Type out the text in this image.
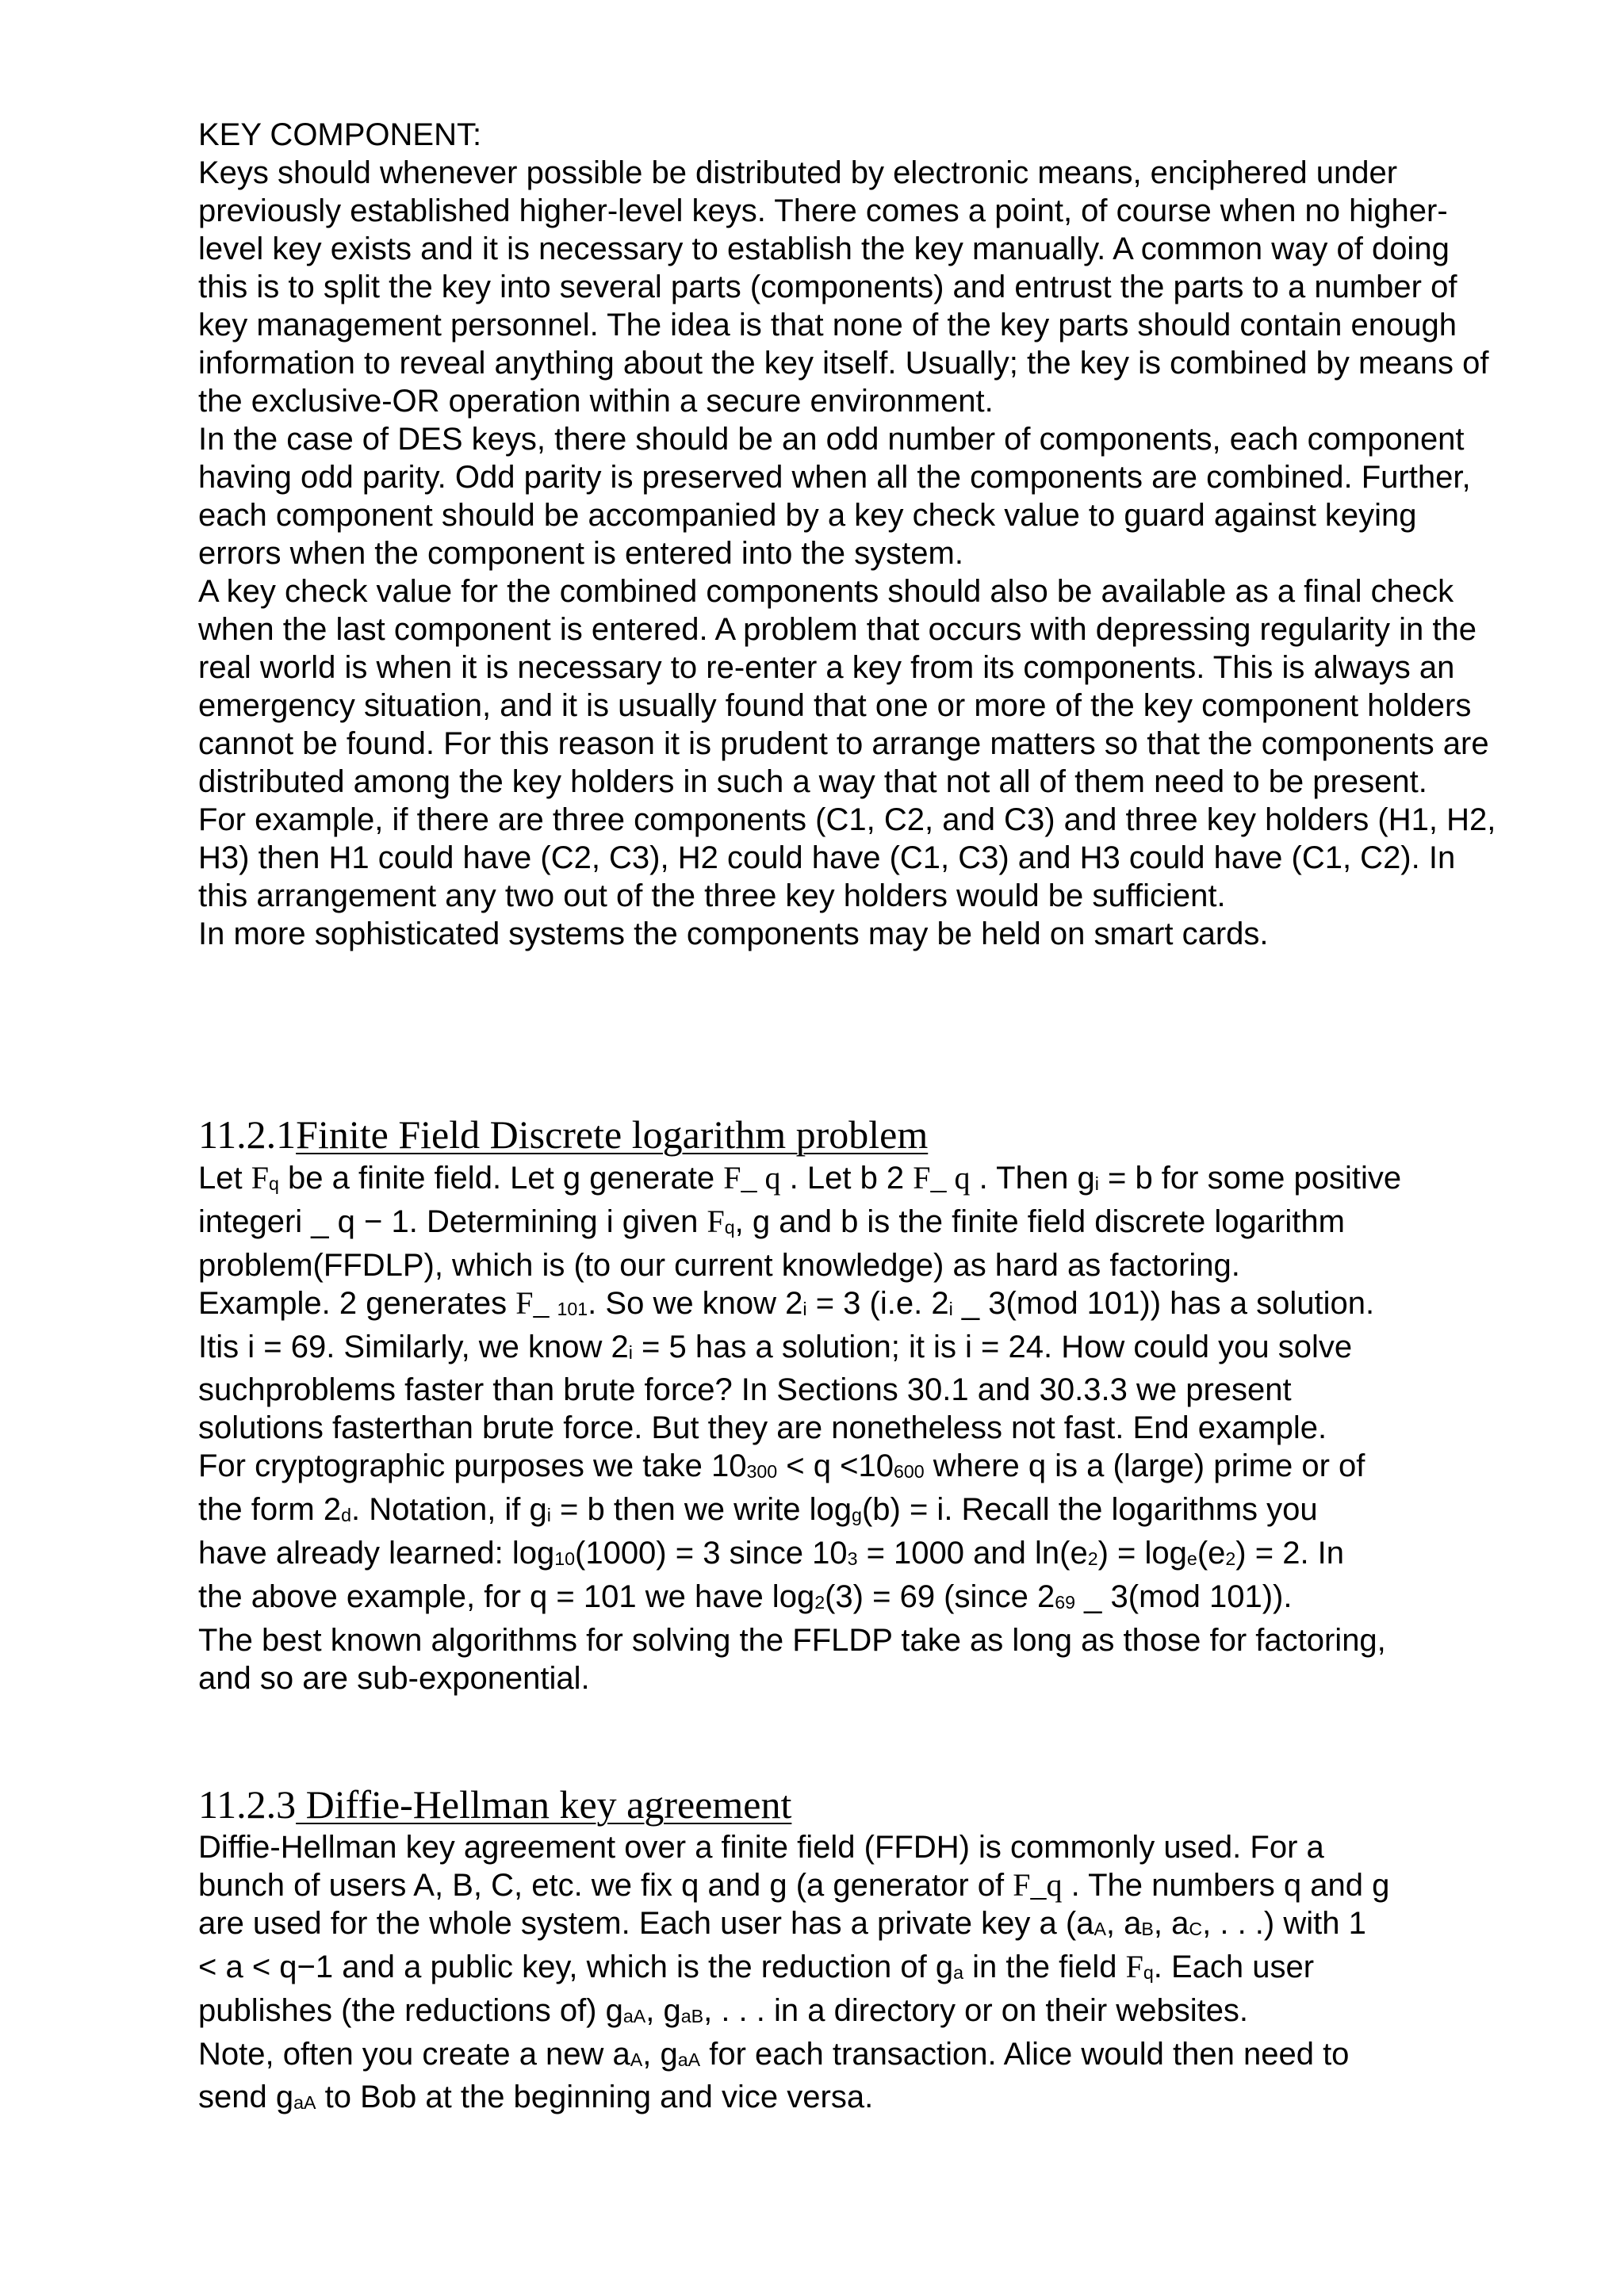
KEY COMPONENT:

Keys should whenever possible be distributed by electronic means, enciphered under previously established higher-level keys. There comes a point, of course when no higher-level key exists and it is necessary to establish the key manually. A common way of doing this is to split the key into several parts (components) and entrust the parts to a number of key management personnel. The idea is that none of the key parts should contain enough information to reveal anything about the key itself. Usually; the key is combined by means of the exclusive-OR operation within a secure environment.

In the case of DES keys, there should be an odd number of components, each component having odd parity. Odd parity is preserved when all the components are combined. Further, each component should be accompanied by a key check value to guard against keying errors when the component is entered into the system.

A key check value for the combined components should also be available as a final check when the last component is entered. A problem that occurs with depressing regularity in the real world is when it is necessary to re-enter a key from its components. This is always an emergency situation, and it is usually found that one or more of the key component holders cannot be found. For this reason it is prudent to arrange matters so that the components are distributed among the key holders in such a way that not all of them need to be present.

For example, if there are three components (C1, C2, and C3) and three key holders (H1, H2, H3) then H1 could have (C2, C3), H2 could have (C1, C3) and H3 could have (C1, C2). In this arrangement any two out of the three key holders would be sufficient.

In more sophisticated systems the components may be held on smart cards.

11.2.1Finite Field Discrete logarithm problem

Let Fq be a finite field. Let g generate F_ q . Let b 2 F_ q . Then gi = b for some positive

integeri _ q − 1. Determining i given Fq, g and b is the finite field discrete logarithm

problem(FFDLP), which is (to our current knowledge) as hard as factoring.

Example. 2 generates F_ 101. So we know 2i = 3 (i.e. 2i _ 3(mod 101)) has a solution.

Itis i = 69. Similarly, we know 2i = 5 has a solution; it is i = 24. How could you solve

suchproblems faster than brute force? In Sections 30.1 and 30.3.3 we present

solutions fasterthan brute force. But they are nonetheless not fast. End example.

For cryptographic purposes we take 10300 < q <10600 where q is a (large) prime or of

the form 2d. Notation, if gi = b then we write logg(b) = i. Recall the logarithms you

have already learned: log10(1000) = 3 since 103 = 1000 and ln(e2) = loge(e2) = 2. In

the above example, for q = 101 we have log2(3) = 69 (since 269 _ 3(mod 101)).

The best known algorithms for solving the FFLDP take as long as those for factoring,

and so are sub-exponential.

11.2.3 Diffie-Hellman key agreement

Diffie-Hellman key agreement over a finite field (FFDH) is commonly used. For a

bunch of users A, B, C, etc. we fix q and g (a generator of F_q . The numbers q and g

are used for the whole system. Each user has a private key a (aA, aB, aC, . . .) with 1

< a < q−1 and a public key, which is the reduction of ga in the field Fq. Each user

publishes (the reductions of) gaA, gaB, . . . in a directory or on their websites.

Note, often you create a new aA, gaA for each transaction. Alice would then need to

send gaA to Bob at the beginning and vice versa.
